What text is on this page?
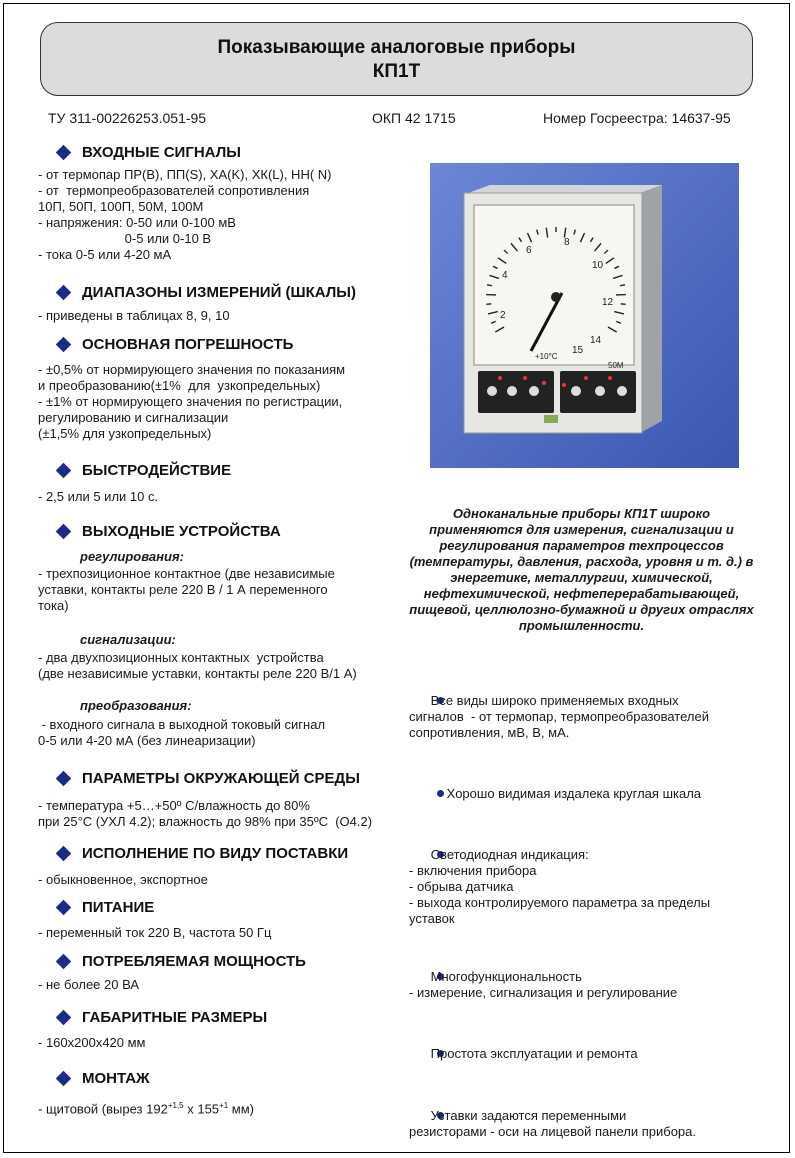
Показывающие аналоговые приборы
КП1Т
ТУ 311-00226253.051-95	ОКП 42 1715	Номер Госреестра: 14637-95
ВХОДНЫЕ СИГНАЛЫ
- от термопар ПР(В), ПП(S), ХА(K), ХК(L), НН( N)
- от  термопреобразователей сопротивления
10П, 50П, 100П, 50М, 100М
- напряжения: 0-50 или 0-100 мВ
0-5 или 0-10 В
- тока 0-5 или 4-20 мА
ДИАПАЗОНЫ ИЗМЕРЕНИЙ (ШКАЛЫ)
- приведены в таблицах 8, 9, 10
ОСНОВНАЯ ПОГРЕШНОСТЬ
- ±0,5% от нормирующего значения по показаниям
и преобразованию(±1%  для  узкопредельных)
- ±1% от нормирующего значения по регистрации,
регулированию и сигнализации
(±1,5% для узкопредельных)
БЫСТРОДЕЙСТВИЕ
- 2,5 или 5 или 10 с.
ВЫХОДНЫЕ УСТРОЙСТВА
регулирования:
- трехпозиционное контактное (две независимые
уставки, контакты реле 220 В / 1 А переменного
тока)
сигнализации:
- два двухпозиционных контактных  устройства
(две независимые уставки, контакты реле 220 В/1 А)
преобразования:
- входного сигнала в выходной токовый сигнал
0-5 или 4-20 мА (без линеаризации)
ПАРАМЕТРЫ ОКРУЖАЮЩЕЙ СРЕДЫ
- температура +5…+50º С/влажность до 80%
при 25°С (УХЛ 4.2); влажность до 98% при 35ºС  (О4.2)
ИСПОЛНЕНИЕ ПО ВИДУ ПОСТАВКИ
- обыкновенное, экспортное
ПИТАНИЕ
- переменный ток 220 В, частота 50 Гц
ПОТРЕБЛЯЕМАЯ МОЩНОСТЬ
- не более 20 ВА
ГАБАРИТНЫЕ РАЗМЕРЫ
- 160х200х420 мм
МОНТАЖ
- щитовой (вырез $192^{+1,5}$ х $155^{+1}$ мм)
2
4
6
8
10
12
14
15
+10°C
50М
Одноканальные приборы КП1Т широко применяются для измерения, сигнализации и регулирования параметров техпроцессов (температуры, давления, расхода, уровня и т. д.) в энергетике, металлургии, химической, нефтехимической, нефтеперерабатывающей, пищевой, целлюлозно-бумажной и других отраслях промышленности.
Все виды широко применяемых входных
сигналов  - от термопар, термопреобразователей
сопротивления, мВ, В, мА.
Хорошо видимая издалека круглая шкала
Светодиодная индикация:
- включения прибора
- обрыва датчика
- выхода контролируемого параметра за пределы
уставок
Многофункциональность
- измерение, сигнализация и регулирование
Простота эксплуатации и ремонта
Уставки задаются переменными
резисторами - оси на лицевой панели прибора.
